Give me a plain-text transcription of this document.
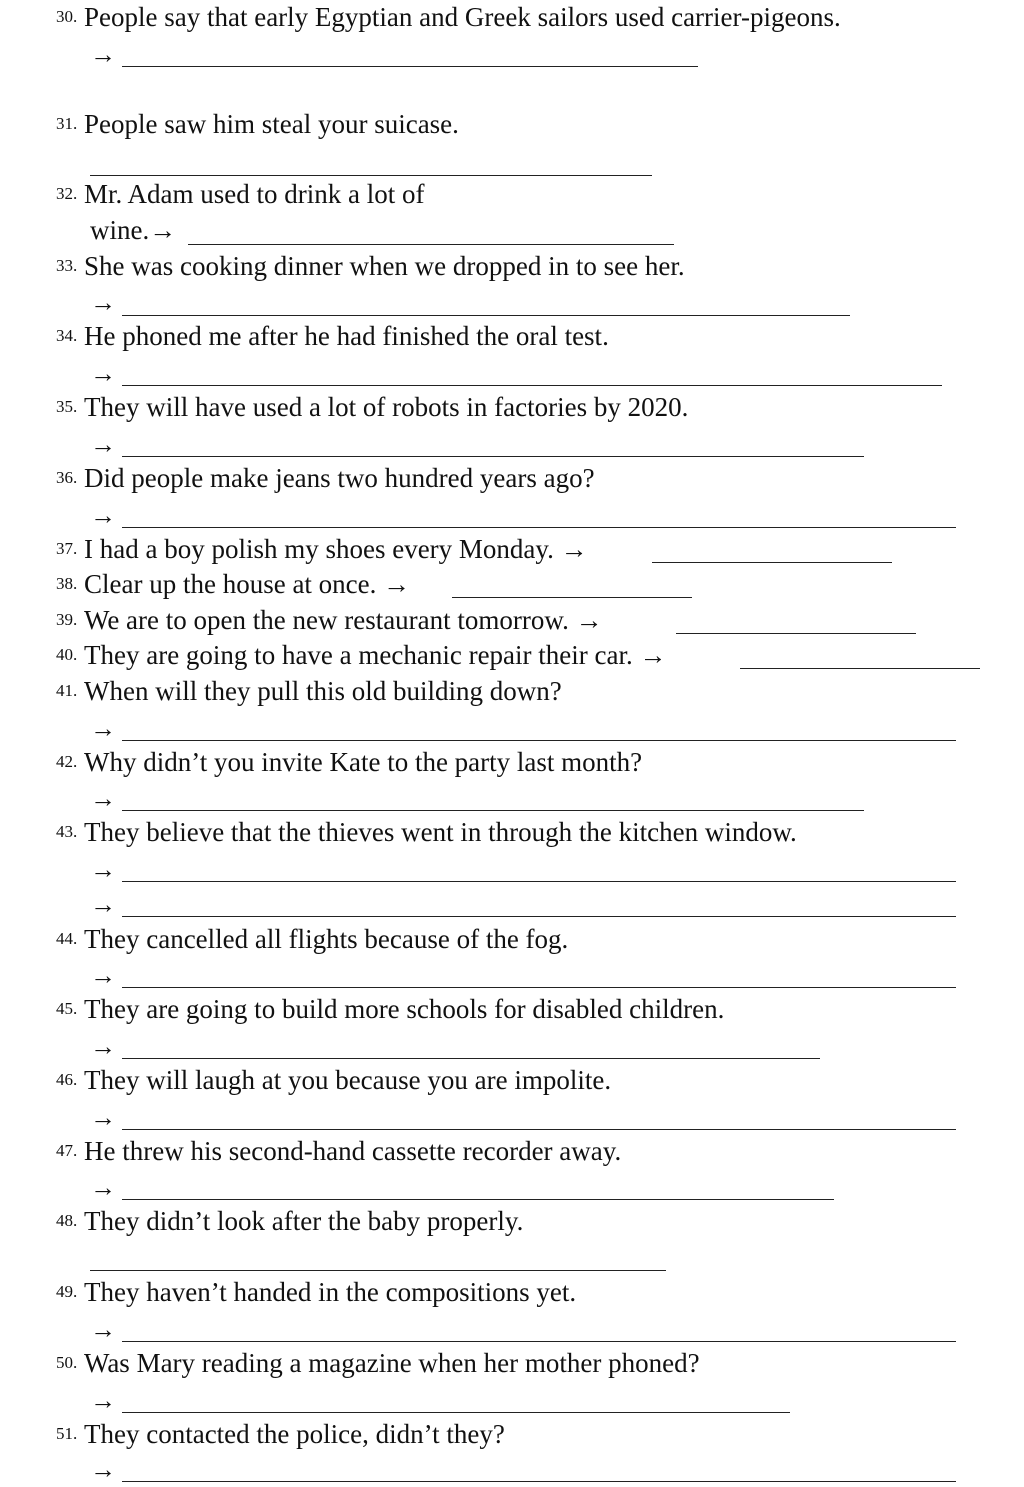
30. People say that early Egyptian and Greek sailors used carrier-pigeons.
→
31. People saw him steal your suicase.
32. Mr. Adam used to drink a lot of
wine.→
33. She was cooking dinner when we dropped in to see her.
→
34. He phoned me after he had finished the oral test.
→
35. They will have used a lot of robots in factories by 2020.
→
36. Did people make jeans two hundred years ago?
→
37. I had a boy polish my shoes every Monday. →
38. Clear up the house at once. →
39. We are to open the new restaurant tomorrow. →
40. They are going to have a mechanic repair their car. →
41. When will they pull this old building down?
→
42. Why didn’t you invite Kate to the party last month?
→
43. They believe that the thieves went in through the kitchen window.
→
→
44. They cancelled all flights because of the fog.
→
45. They are going to build more schools for disabled children.
→
46. They will laugh at you because you are impolite.
→
47. He threw his second-hand cassette recorder away.
→
48. They didn’t look after the baby properly.
49. They haven’t handed in the compositions yet.
→
50. Was Mary reading a magazine when her mother phoned?
→
51. They contacted the police, didn’t they?
→
